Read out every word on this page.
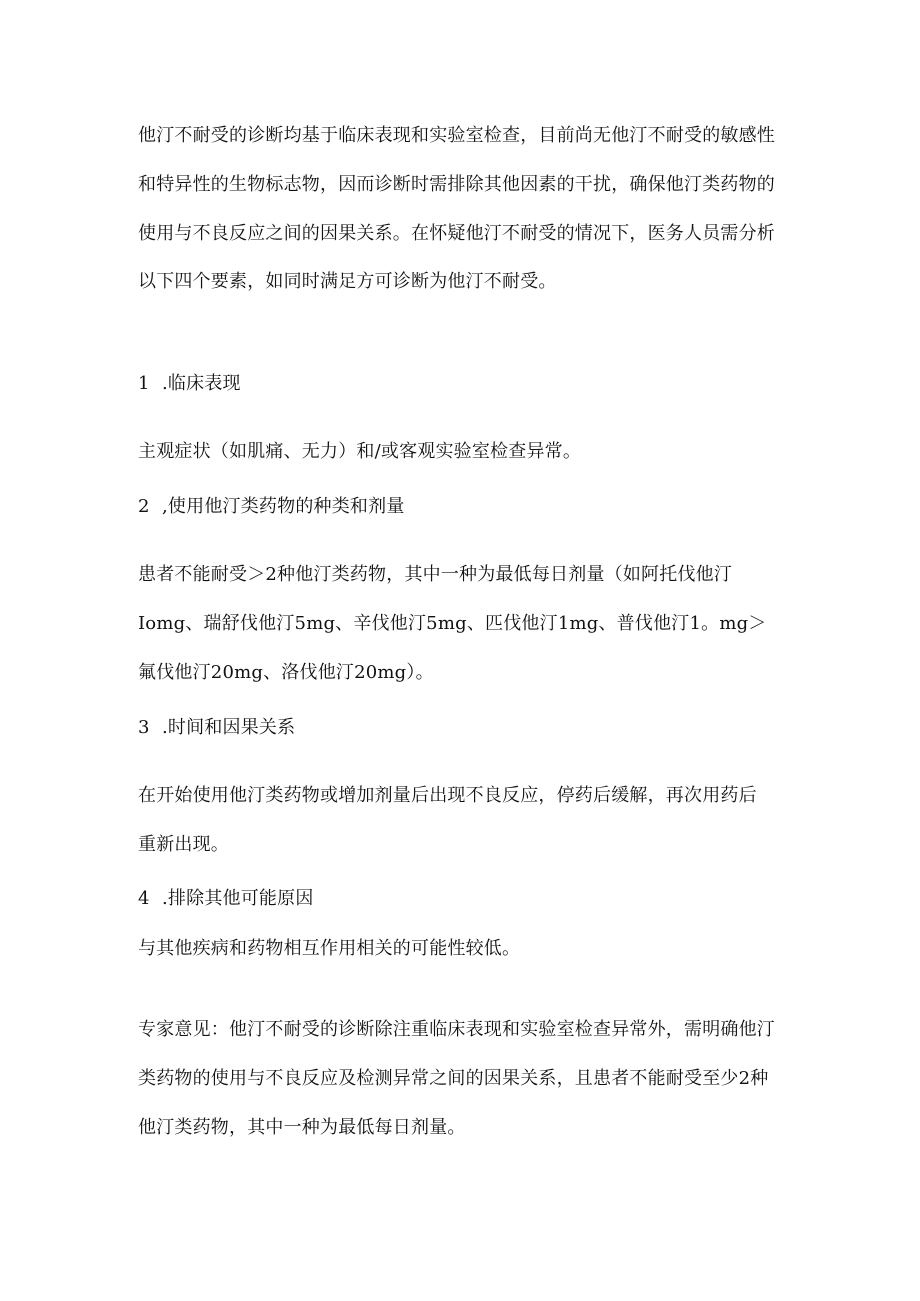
他汀不耐受的诊断均基于临床表现和实验室检查，目前尚无他汀不耐受的敏感性
和特异性的生物标志物，因而诊断时需排除其他因素的干扰，确保他汀类药物的
使用与不良反应之间的因果关系。在怀疑他汀不耐受的情况下，医务人员需分析
以下四个要素，如同时满足方可诊断为他汀不耐受。
1 .临床表现
主观症状（如肌痛、无力）和/或客观实验室检查异常。
2 ,使用他汀类药物的种类和剂量
患者不能耐受＞2种他汀类药物，其中一种为最低每日剂量（如阿托伐他汀
Iomg、瑞舒伐他汀5mg、辛伐他汀5mg、匹伐他汀1mg、普伐他汀1。mg＞
氟伐他汀20mg、洛伐他汀20mg）。
3 .时间和因果关系
在开始使用他汀类药物或增加剂量后出现不良反应，停药后缓解，再次用药后
重新出现。
4 .排除其他可能原因
与其他疾病和药物相互作用相关的可能性较低。
专家意见：他汀不耐受的诊断除注重临床表现和实验室检查异常外，需明确他汀
类药物的使用与不良反应及检测异常之间的因果关系，且患者不能耐受至少2种
他汀类药物，其中一种为最低每日剂量。
